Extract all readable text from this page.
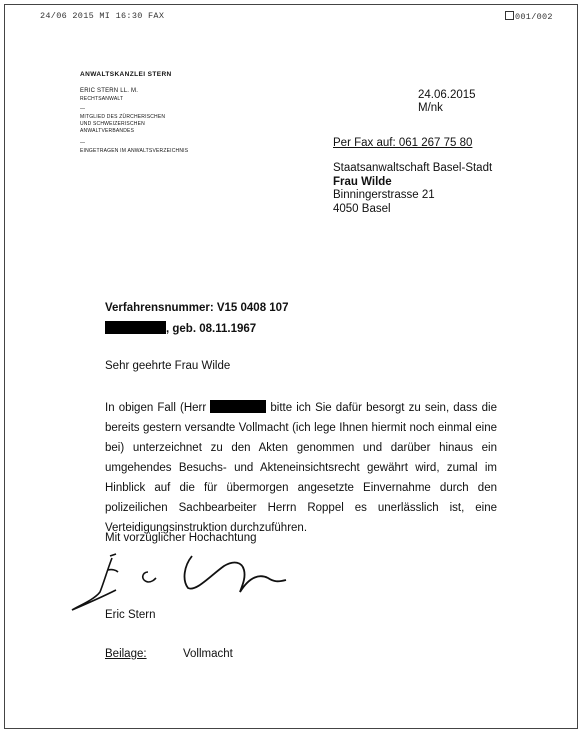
24/06 2015 MI 16:30 FAX	001/002
ANWALTSKANZLEI STERN
ERIC STERN LL. M.
RECHTSANWALT
—
MITGLIED DES ZÜRCHERISCHEN
UND SCHWEIZERISCHEN
ANWALTVERBANDES
—
EINGETRAGEN IM ANWALTSVERZEICHNIS
24.06.2015
M/nk
Per Fax auf: 061 267 75 80
Staatsanwaltschaft Basel-Stadt
Frau Wilde
Binningerstrasse 21
4050 Basel
Verfahrensnummer: V15 0408 107
, geb. 08.11.1967
Sehr geehrte Frau Wilde
In obigen Fall (Herr	bitte ich Sie dafür besorgt zu sein, dass die bereits gestern versandte Vollmacht (ich lege Ihnen hiermit noch einmal eine bei) unterzeichnet zu den Akten genommen und darüber hinaus ein umgehendes Besuchs- und Akteneinsichtsrecht gewährt wird, zumal im Hinblick auf die für übermorgen angesetzte Einvernahme durch den polizeilichen Sachbearbeiter Herrn Roppel es unerlässlich ist, eine Verteidigungsinstruktion durchzuführen.
Mit vorzüglicher Hochachtung
Eric Stern
Beilage:	Vollmacht
